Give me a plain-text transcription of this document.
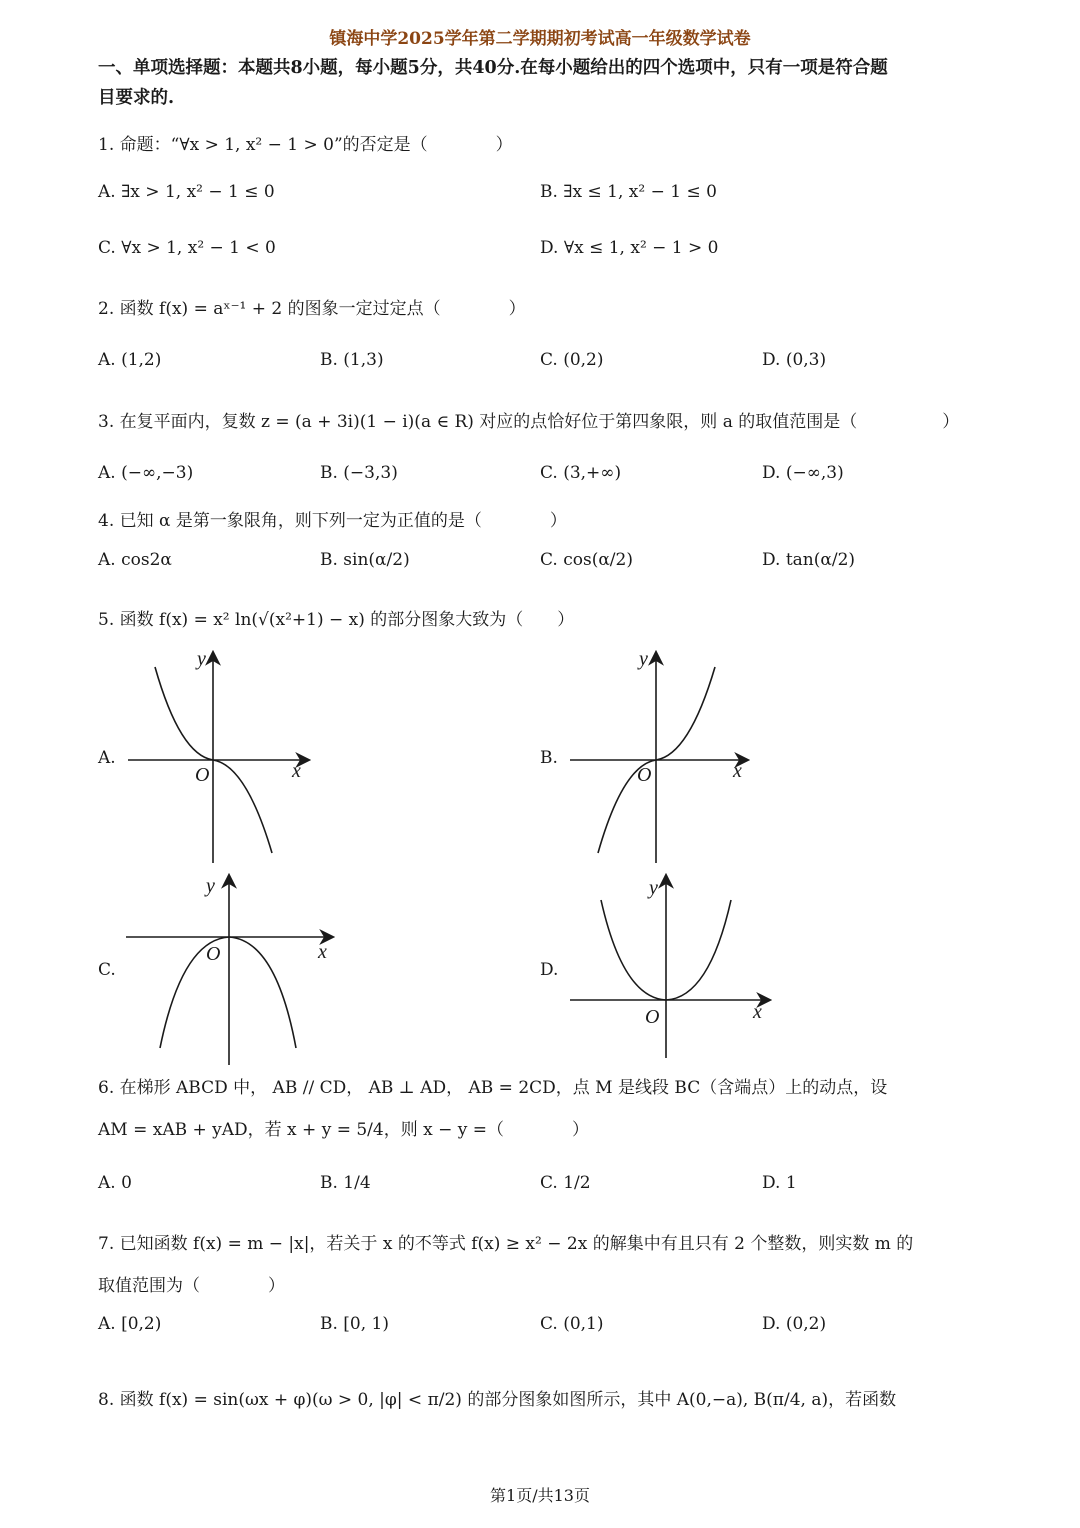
镇海中学2025学年第二学期期初考试高一年级数学试卷
一、单项选择题：本题共8小题，每小题5分，共40分.在每小题给出的四个选项中，只有一项是符合题
目要求的.
1. 命题：“∀x > 1, x² − 1 > 0”的否定是（　　　　）
A. ∃x > 1, x² − 1 ≤ 0	B. ∃x ≤ 1, x² − 1 ≤ 0
C. ∀x > 1, x² − 1 < 0	D. ∀x ≤ 1, x² − 1 > 0
2. 函数 f(x) = aˣ⁻¹ + 2 的图象一定过定点（　　　　）
A. (1,2)	B. (1,3)	C. (0,2)	D. (0,3)
3. 在复平面内，复数 z = (a + 3i)(1 − i)(a ∈ R) 对应的点恰好位于第四象限，则 a 的取值范围是（　　　　　）
A. (−∞,−3)	B. (−3,3)	C. (3,+∞)	D. (−∞,3)
4. 已知 α 是第一象限角，则下列一定为正值的是（　　　　）
A. cos2α	B. sin(α/2)	C. cos(α/2)	D. tan(α/2)
5. 函数 f(x) = x² ln(√(x²+1) − x) 的部分图象大致为（　　）
A.
x
y
O
B.
x
y
O
C.
x
y
O
D.
x
y
O
6. 在梯形 ABCD 中， AB // CD， AB ⊥ AD， AB = 2CD，点 M 是线段 BC（含端点）上的动点，设
AM = xAB + yAD，若 x + y = 5/4，则 x − y =（　　　　）
A. 0	B. 1/4	C. 1/2	D. 1
7. 已知函数 f(x) = m − |x|，若关于 x 的不等式 f(x) ≥ x² − 2x 的解集中有且只有 2 个整数，则实数 m 的
取值范围为（　　　　）
A. [0,2)	B. [0, 1)	C. (0,1)	D. (0,2)
8. 函数 f(x) = sin(ωx + φ)(ω > 0, |φ| < π/2) 的部分图象如图所示，其中 A(0,−a), B(π/4, a)，若函数
第1页/共13页
